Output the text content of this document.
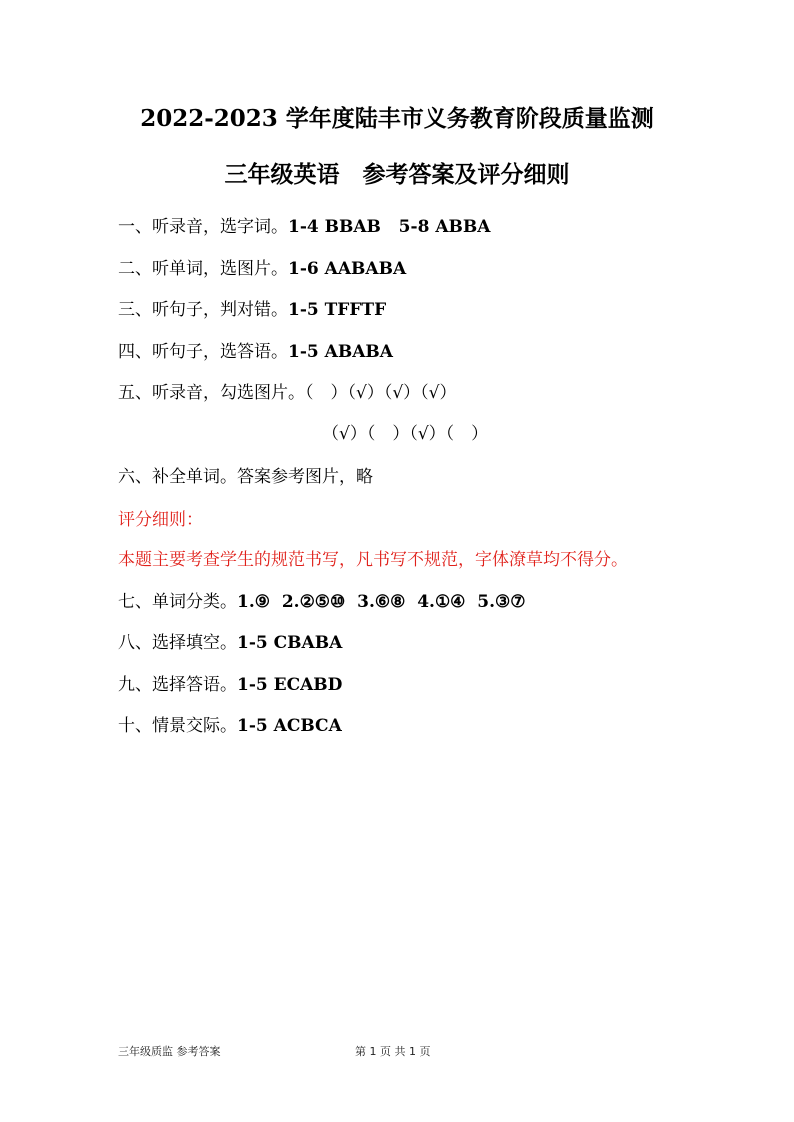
2022-2023 学年度陆丰市义务教育阶段质量监测
三年级英语　参考答案及评分细则
一、听录音，选字词。1-4 BBAB   5-8 ABBA
二、听单词，选图片。1-6 AABABA
三、听句子，判对错。1-5 TFFTF
四、听句子，选答语。1-5 ABABA
五、听录音，勾选图片。（　）（√）（√）（√）
（√）（　）（√）（　）
六、补全单词。答案参考图片，略
评分细则：
本题主要考查学生的规范书写，凡书写不规范，字体潦草均不得分。
七、单词分类。1.⑨  2.②⑤⑩  3.⑥⑧  4.①④  5.③⑦
八、选择填空。1-5 CBABA
九、选择答语。1-5 ECABD
十、情景交际。1-5 ACBCA
三年级质监 参考答案	第 1 页 共 1 页
